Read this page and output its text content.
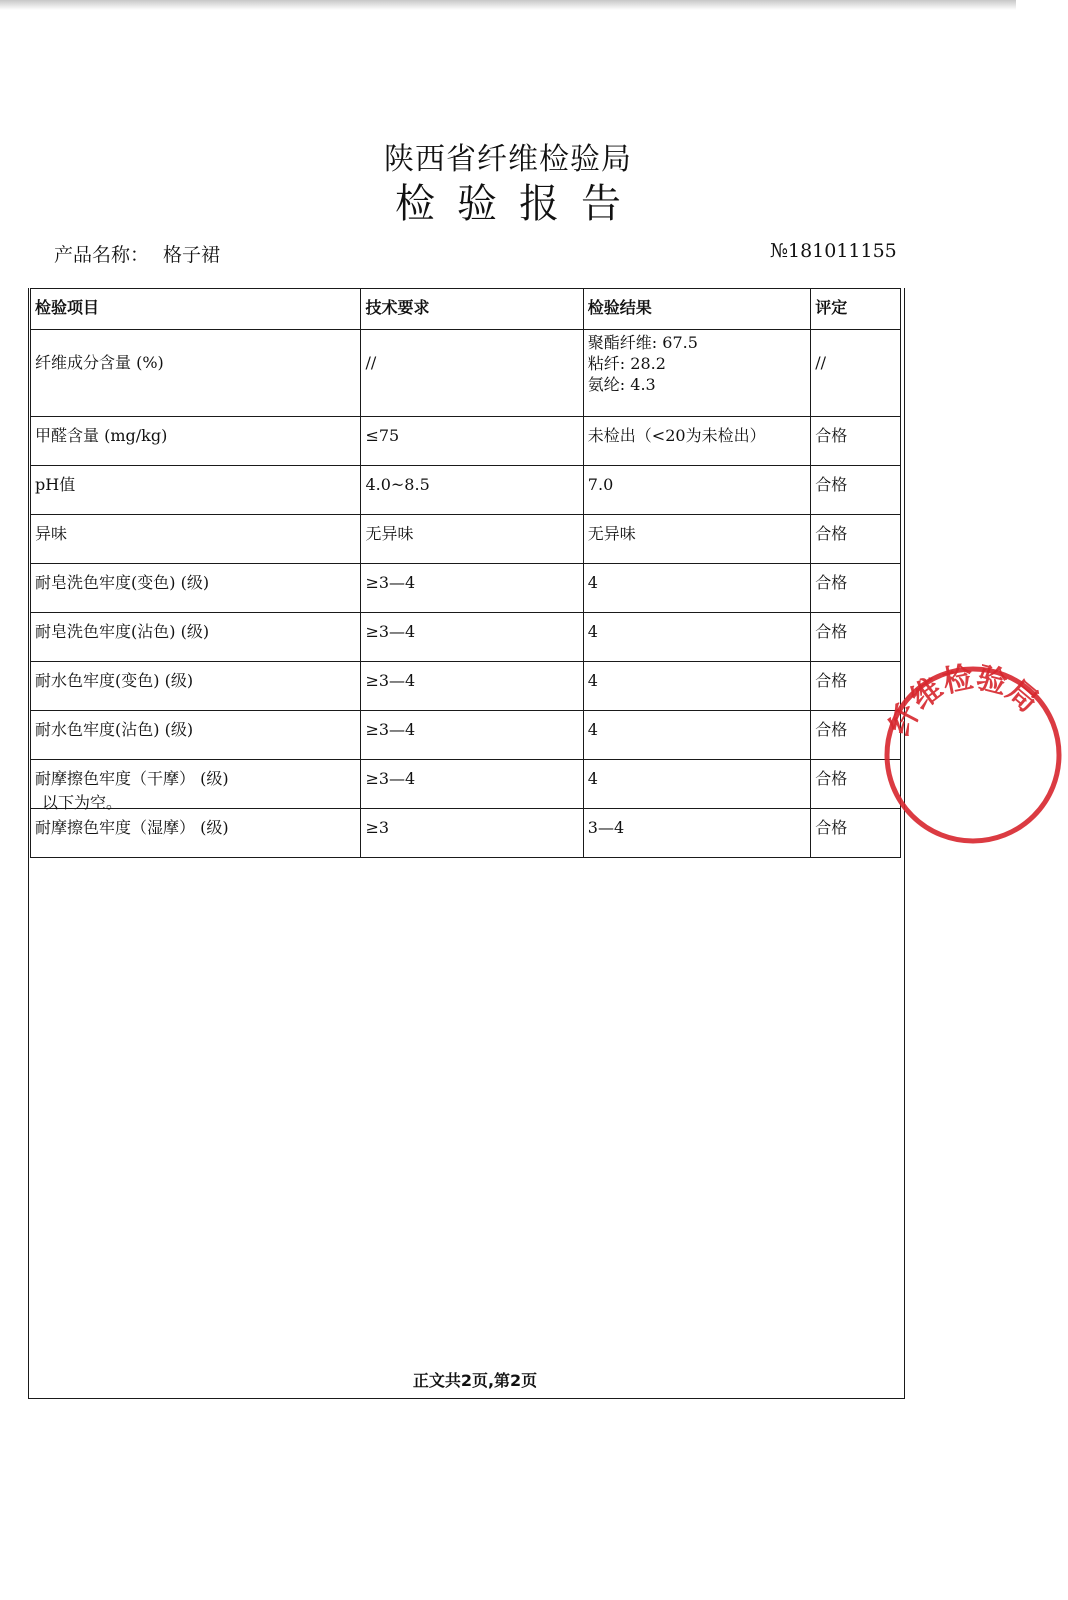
陕西省纤维检验局
检验报告
产品名称： 格子裙	№181011155
检验项目	技术要求	检验结果	评定
纤维成分含量 (%)	//	聚酯纤维: 67.5
粘纤: 28.2
氨纶: 4.3	//
甲醛含量 (mg/kg)	≤75	未检出（<20为未检出）	合格
pH值	4.0~8.5	7.0	合格
异味	无异味	无异味	合格
耐皂洗色牢度(变色) (级)	≥3—4	4	合格
耐皂洗色牢度(沾色) (级)	≥3—4	4	合格
耐水色牢度(变色) (级)	≥3—4	4	合格
耐水色牢度(沾色) (级)	≥3—4	4	合格
耐摩擦色牢度（干摩） (级)	≥3—4	4	合格
耐摩擦色牢度（湿摩） (级)	≥3	3—4	合格
以下为空。
正文共2页,第2页
纤维检验局
